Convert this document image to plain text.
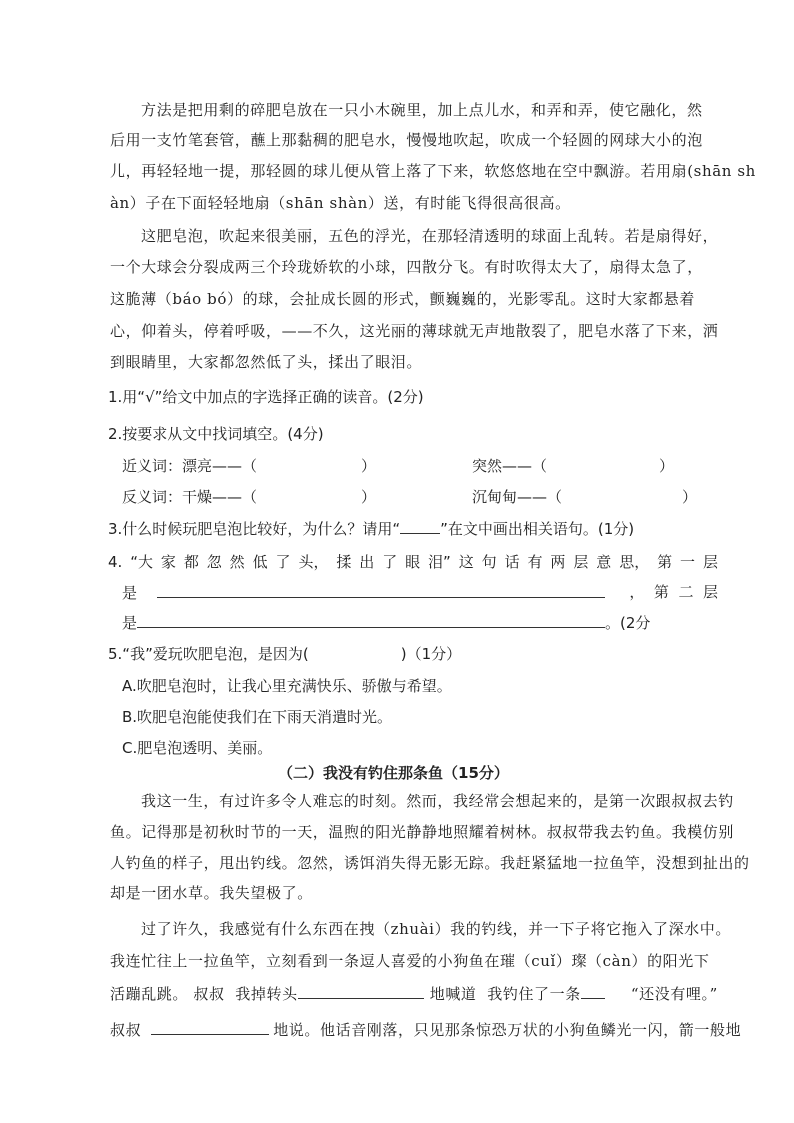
方法是把用剩的碎肥皂放在一只小木碗里，加上点儿水，和弄和弄，使它融化，然
后用一支竹笔套管，蘸上那黏稠的肥皂水，慢慢地吹起，吹成一个轻圆的网球大小的泡
儿，再轻轻地一提，那轻圆的球儿便从管上落了下来，软悠悠地在空中飘游。若用扇(shān sh
àn）子在下面轻轻地扇（shān shàn）送，有时能飞得很高很高。
这肥皂泡，吹起来很美丽，五色的浮光，在那轻清透明的球面上乱转。若是扇得好，
一个大球会分裂成两三个玲珑娇软的小球，四散分飞。有时吹得太大了，扇得太急了，
这脆薄（báo bó）的球，会扯成长圆的形式，颤巍巍的，光影零乱。这时大家都悬着
心，仰着头，停着呼吸，——不久，这光丽的薄球就无声地散裂了，肥皂水落了下来，洒
到眼睛里，大家都忽然低了头，揉出了眼泪。
1.用“√”给文中加点的字选择正确的读音。(2分)
2.按要求从文中找词填空。(4分)
近义词：漂亮——（	）	突然——（	）
反义词：干燥——（	）	沉甸甸——（	）
3.什么时候玩肥皂泡比较好，为什么？请用“	”在文中画出相关语句。(1分)
4. “大 家 都 忽 然 低 了 头， 揉 出 了 眼 泪” 这 句 话 有 两 层 意 思， 第 一 层
是	，  第  二  层
是	。(2分
5.“我”爱玩吹肥皂泡，是因为(	)（1分）
A.吹肥皂泡时，让我心里充满快乐、骄傲与希望。
B.吹肥皂泡能使我们在下雨天消遣时光。
C.肥皂泡透明、美丽。
（二）我没有钓住那条鱼（15分）
我这一生，有过许多令人难忘的时刻。然而，我经常会想起来的，是第一次跟叔叔去钓
鱼。记得那是初秋时节的一天，温煦的阳光静静地照耀着树林。叔叔带我去钓鱼。我模仿别
人钓鱼的样子，甩出钓线。忽然，诱饵消失得无影无踪。我赶紧猛地一拉鱼竿，没想到扯出的
却是一团水草。我失望极了。
过了许久，我感觉有什么东西在拽（zhuài）我的钓线，并一下子将它拖入了深水中。
我连忙往上一拉鱼竿，立刻看到一条逗人喜爱的小狗鱼在璀（cuǐ）璨（càn）的阳光下
活蹦乱跳。 叔叔  我掉转头	地喊道  我钓住了一条	“还没有哩。”
叔叔	地说。他话音刚落，只见那条惊恐万状的小狗鱼鳞光一闪，箭一般地
